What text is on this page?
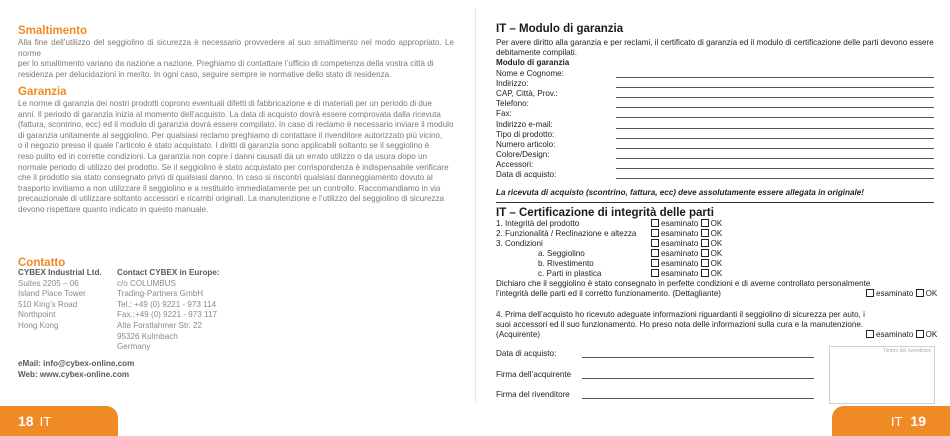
Smaltimento
Alla fine dell’utilizzo del seggiolino di sicurezza è necessario provvedere al suo smaltimento nel modo appropriato. Le norme
per lo smaltimento variano da nazione a nazione. Preghiamo di contattare l’ufficio di competenza della vostra città di
residenza per delucidazioni in merito. In ogni caso, seguire sempre le normative dello stato di residenza.
Garanzia
Le norme di garanzia dei nostri prodotti coprono eventuali difetti di fabbricazione e di materiali per un periodo di due
anni. Il periodo di garanzia inizia al momento dell’acquisto. La data di acquisto dovrà essere comprovata dalla ricevuta
(fattura, scontrino, ecc) ed il modulo di garanzia dovrà essere compilato. In caso di reclamo è necessario inviare il modulo
di garanzia unitamente al seggiolino. Per qualsiasi reclamo preghiamo di contattare il rivenditore autorizzato più vicino,
o il negozio presso il quale l’articolo è stato acquistato. I diritti di garanzia sono applicabili soltanto se il seggiolino è
reso pulito ed in corrette condizioni. La garanzia non copre i danni causati da un errato utilizzo o da usura dopo un
normale periodo di utilizzo del prodotto. Se il seggiolino è stato acquistato per corrispondenza è indispensabile verificare
che il prodotto sia stato consegnato privo di qualsiasi danno. In caso si riscontri qualsiasi danneggiamento dovuto al
trasporto invitiamo a non utilizzare il seggiolino e a restituirlo immediatamente per un controllo. Raccomandiamo in via
precauzionale di utilizzare soltanto accessori e ricambi originali. La manutenzione e l’utilizzo del seggiolino di sicurezza
devono rispettare quanto indicato in questo manuale.
Contatto
CYBEX Industrial Ltd.
Suites 2205 – 06
Island Place Tower
510 King’s Road
Northpoint
Hong Kong
Contact CYBEX in Europe:
c/o COLUMBUS
Trading-Partners GmbH
Tel.: +49 (0) 9221 - 973 114
Fax.:+49 (0) 9221 - 973 117
Alte Forstlahmer Str. 22
95326 Kulmbach
Germany
eMail: info@cybex-online.com
Web: www.cybex-online.com
18 IT
IT – Modulo di garanzia
Per avere diritto alla garanzia e per reclami, il certificato di garanzia ed il modulo di certificazione delle parti devono essere
debitamente compilati.
Modulo di garanzia
Nome e Cognome:
Indirizzo:
CAP, Città, Prov.:
Telefono:
Fax:
Indirizzo e-mail:
Tipo di prodotto:
Numero articolo:
Colore/Design:
Accessori:
Data di acquisto:
La ricevuta di acquisto (scontrino, fattura, ecc) deve assolutamente essere allegata in originale!
IT – Certificazione di integrità delle parti
1. Integrità del prodotto	esaminato OK
2. Funzionalità / Reclinazione e altezza	esaminato OK
3. Condizioni	esaminato OK
a. Seggiolino	esaminato OK
b. Rivestimento	esaminato OK
c. Parti in plastica	esaminato OK
Dichiaro che il seggiolino è stato consegnato in perfette condizioni e di averne controllato personalmente
l’integrità delle parti ed il corretto funzionamento. (Dettagliante)	esaminato OK
4. Prima dell’acquisto ho ricevuto adeguate informazioni riguardanti il seggiolino di sicurezza per auto, i
suoi accessori ed il suo funzionamento. Ho preso nota delle informazioni sulla cura e la manutenzione.
(Acquirente)	esaminato OK
Data di acquisto:
Firma dell’acquirente
Firma del rivenditore
Timbro del rivenditore
IT 19
